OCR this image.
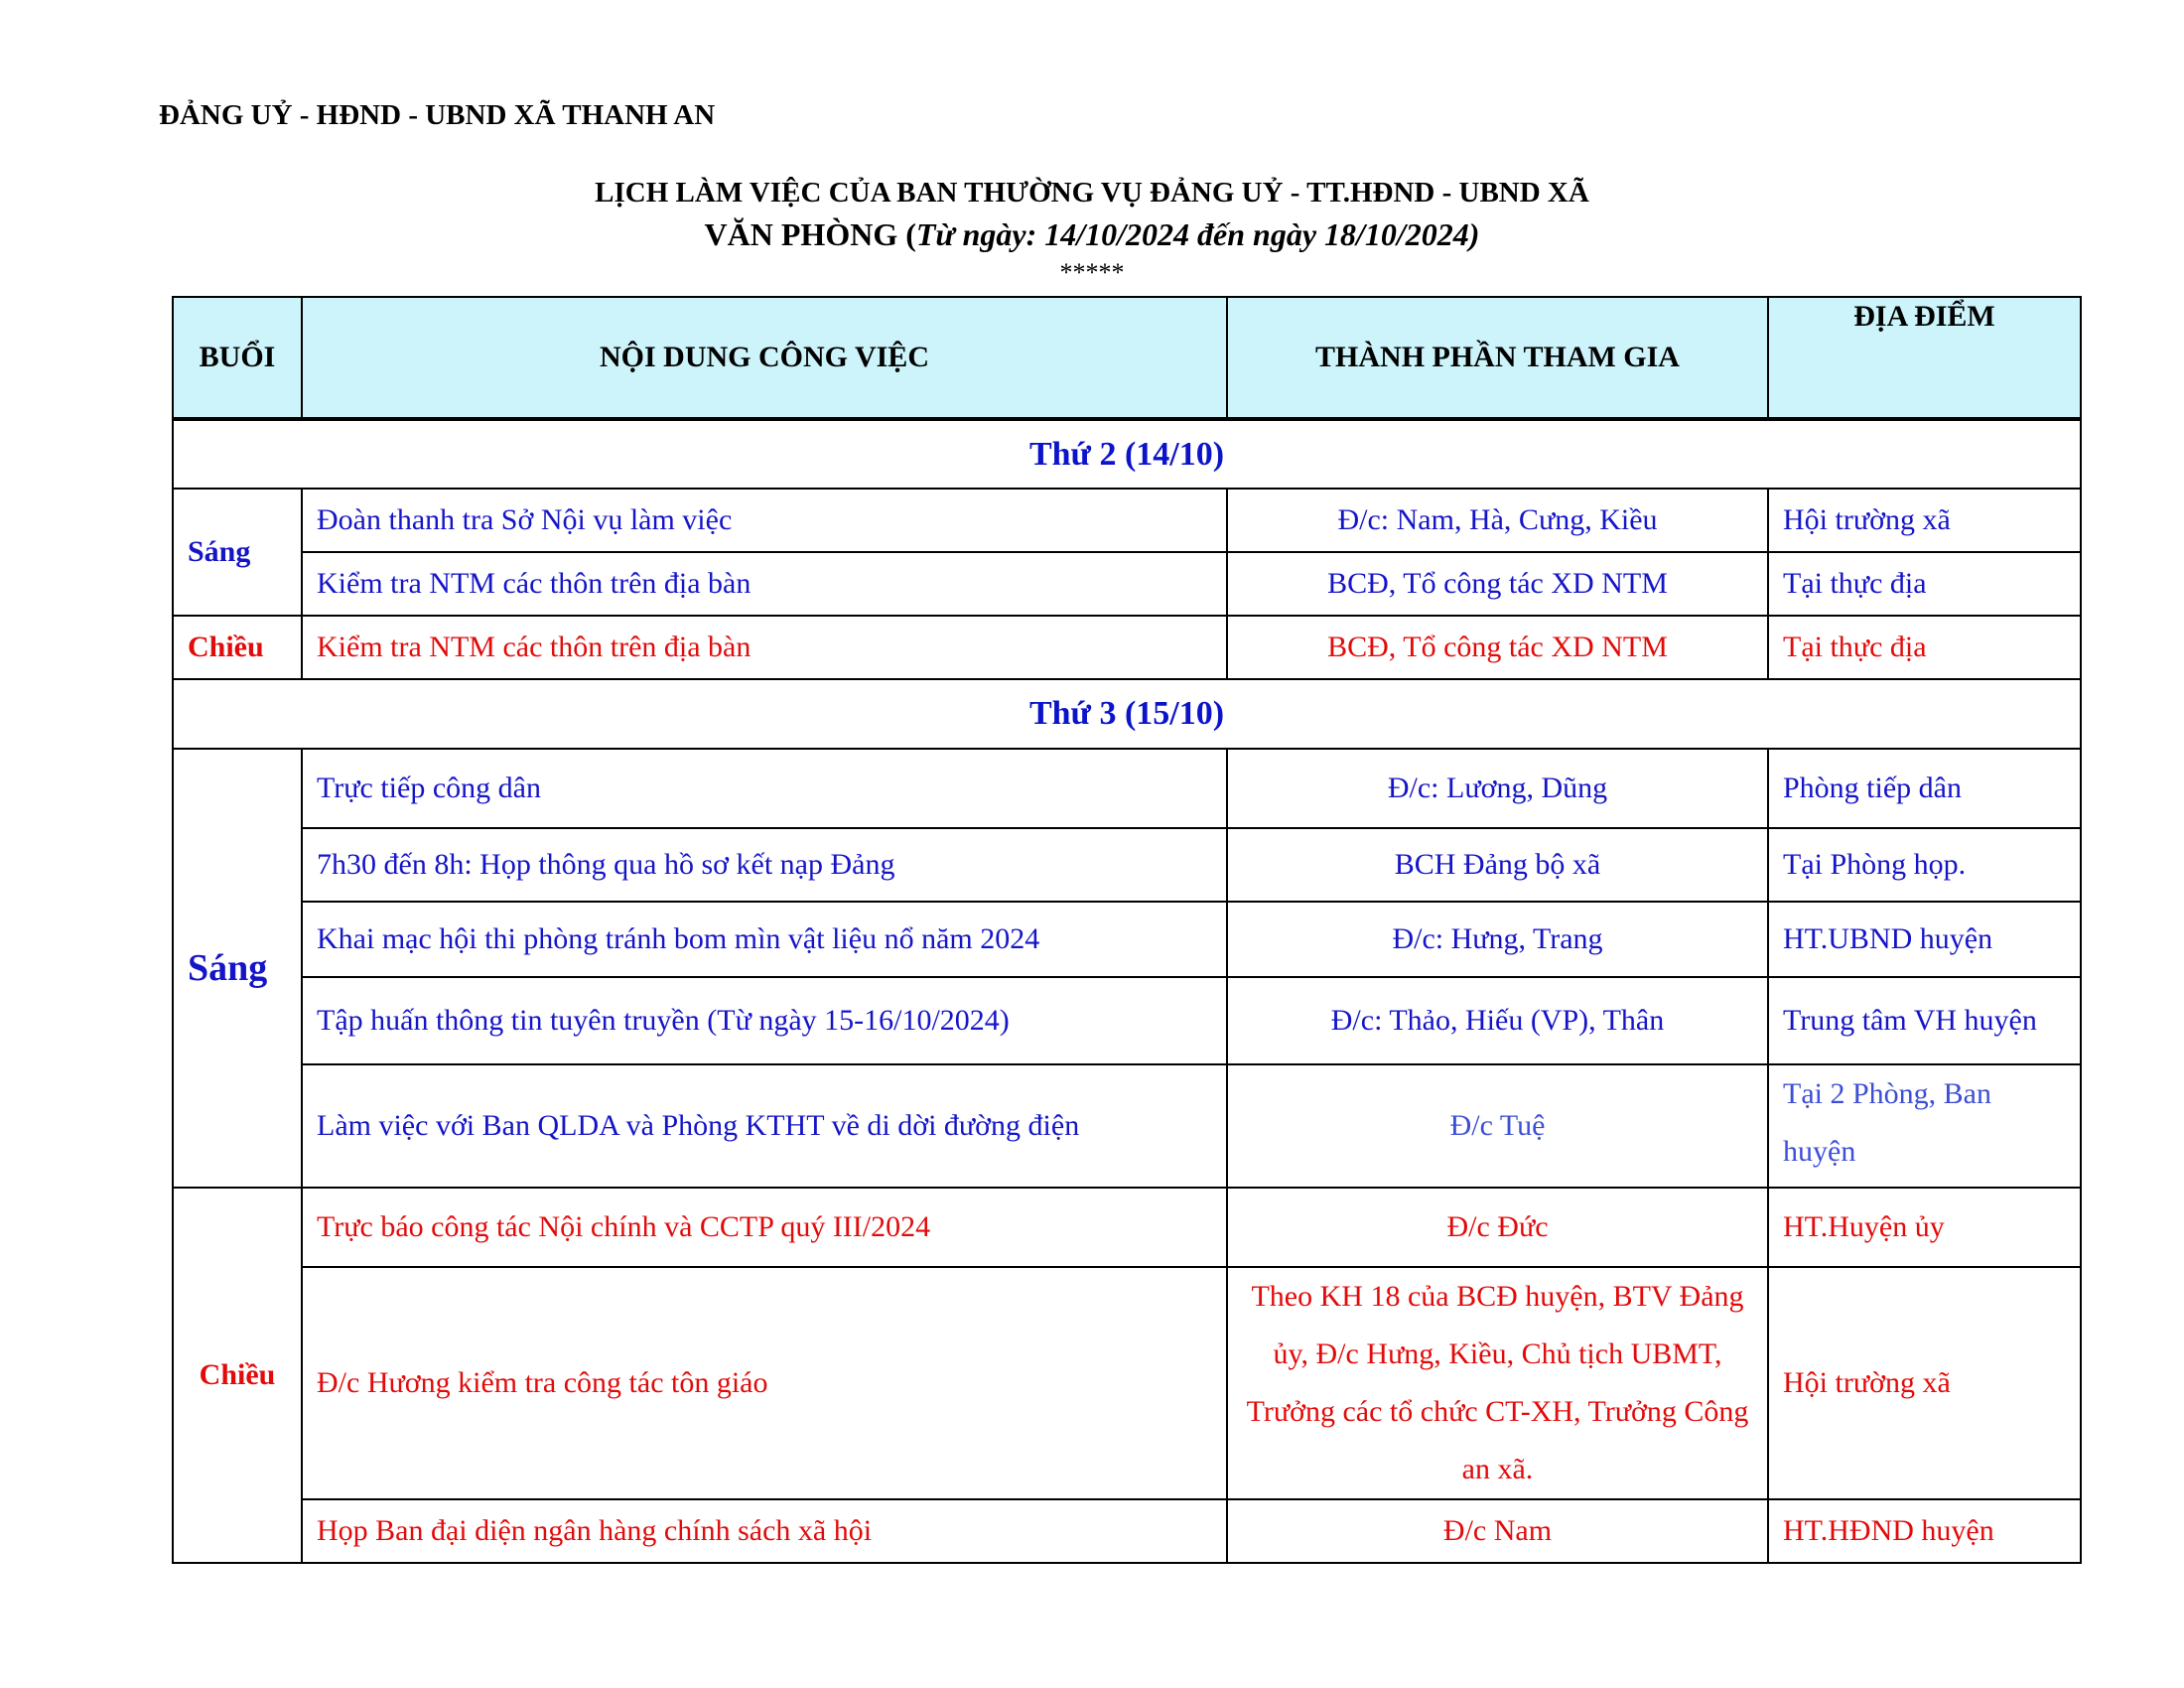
ĐẢNG UỶ - HĐND - UBND XÃ THANH AN
LỊCH LÀM VIỆC CỦA BAN THƯỜNG VỤ ĐẢNG UỶ - TT.HĐND - UBND XÃ
VĂN PHÒNG (Từ ngày: 14/10/2024 đến ngày 18/10/2024)
*****
BUỔI	NỘI DUNG CÔNG VIỆC	THÀNH PHẦN THAM GIA	ĐỊA ĐIỂM
Thứ 2 (14/10)			
Sáng	Đoàn thanh tra Sở Nội vụ làm việc	Đ/c: Nam, Hà, Cưng, Kiều	Hội trường xã
	Kiểm tra NTM các thôn trên địa bàn	BCĐ, Tổ công tác XD NTM	Tại thực địa
Chiều	Kiểm tra NTM các thôn trên địa bàn	BCĐ, Tổ công tác XD NTM	Tại thực địa
Thứ 3 (15/10)			
Sáng	Trực tiếp công dân	Đ/c: Lương, Dũng	Phòng tiếp dân
	7h30 đến 8h: Họp thông qua hồ sơ kết nạp Đảng	BCH Đảng bộ xã	Tại Phòng họp.
	Khai mạc hội thi phòng tránh bom mìn vật liệu nổ năm 2024	Đ/c: Hưng, Trang	HT.UBND huyện
	Tập huấn thông tin tuyên truyền (Từ ngày 15-16/10/2024)	Đ/c: Thảo, Hiếu (VP), Thân	Trung tâm VH huyện
	Làm việc với Ban QLDA và Phòng KTHT về di dời đường điện	Đ/c Tuệ	Tại 2 Phòng, Ban huyện
Chiều	Trực báo công tác Nội chính và CCTP quý III/2024	Đ/c Đức	HT.Huyện ủy
	Đ/c Hương kiểm tra công tác tôn giáo	Theo KH 18 của BCĐ huyện, BTV Đảng ủy, Đ/c Hưng, Kiều, Chủ tịch UBMT, Trưởng các tổ chức CT-XH, Trưởng Công an xã.	Hội trường xã
	Họp Ban đại diện ngân hàng chính sách xã hội	Đ/c Nam	HT.HĐND huyện
